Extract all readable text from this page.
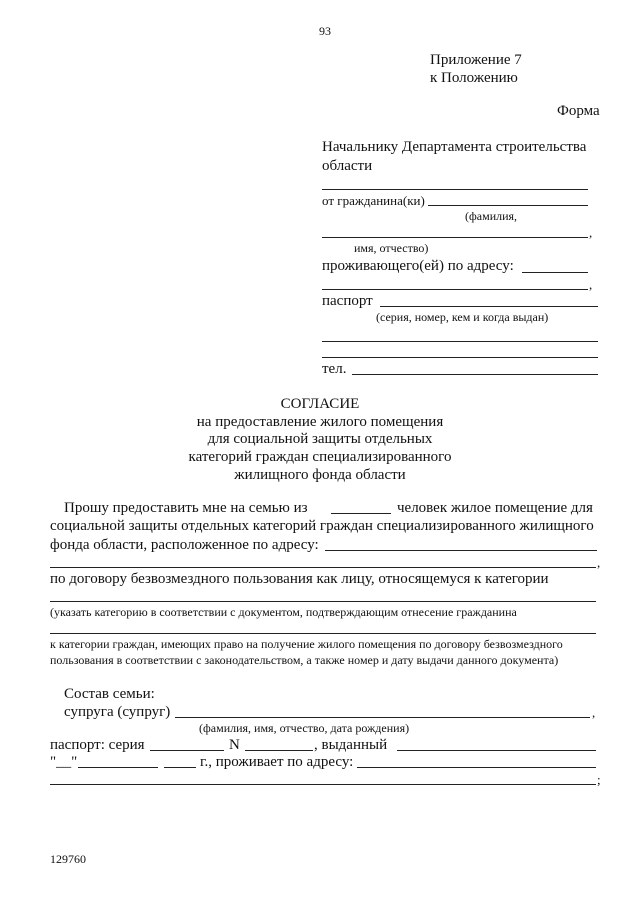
93
Приложение 7
к Положению
Форма
Начальнику Департамента строительства
области
от гражданина(ки)
(фамилия,
,
имя, отчество)
проживающего(ей) по адресу:
,
паспорт
(серия, номер, кем и когда выдан)
тел.
СОГЛАСИЕ
на предоставление жилого помещения
для социальной защиты отдельных
категорий граждан специализированного
жилищного фонда области
Прошу предоставить мне на семью из	человек жилое помещение для
социальной защиты отдельных категорий граждан специализированного жилищного
фонда области, расположенное по адресу:
,
по договору безвозмездного пользования как лицу, относящемуся к категории
(указать категорию в соответствии с документом, подтверждающим отнесение гражданина
к категории граждан, имеющих право на получение жилого помещения по договору безвозмездного
пользования в соответствии с законодательством, а также номер и дату выдачи данного документа)
Состав семьи:
супруга (супруг)	,
(фамилия, имя, отчество, дата рождения)
паспорт: серия	N	, выданный
"__"	г., проживает по адресу:
;
129760
